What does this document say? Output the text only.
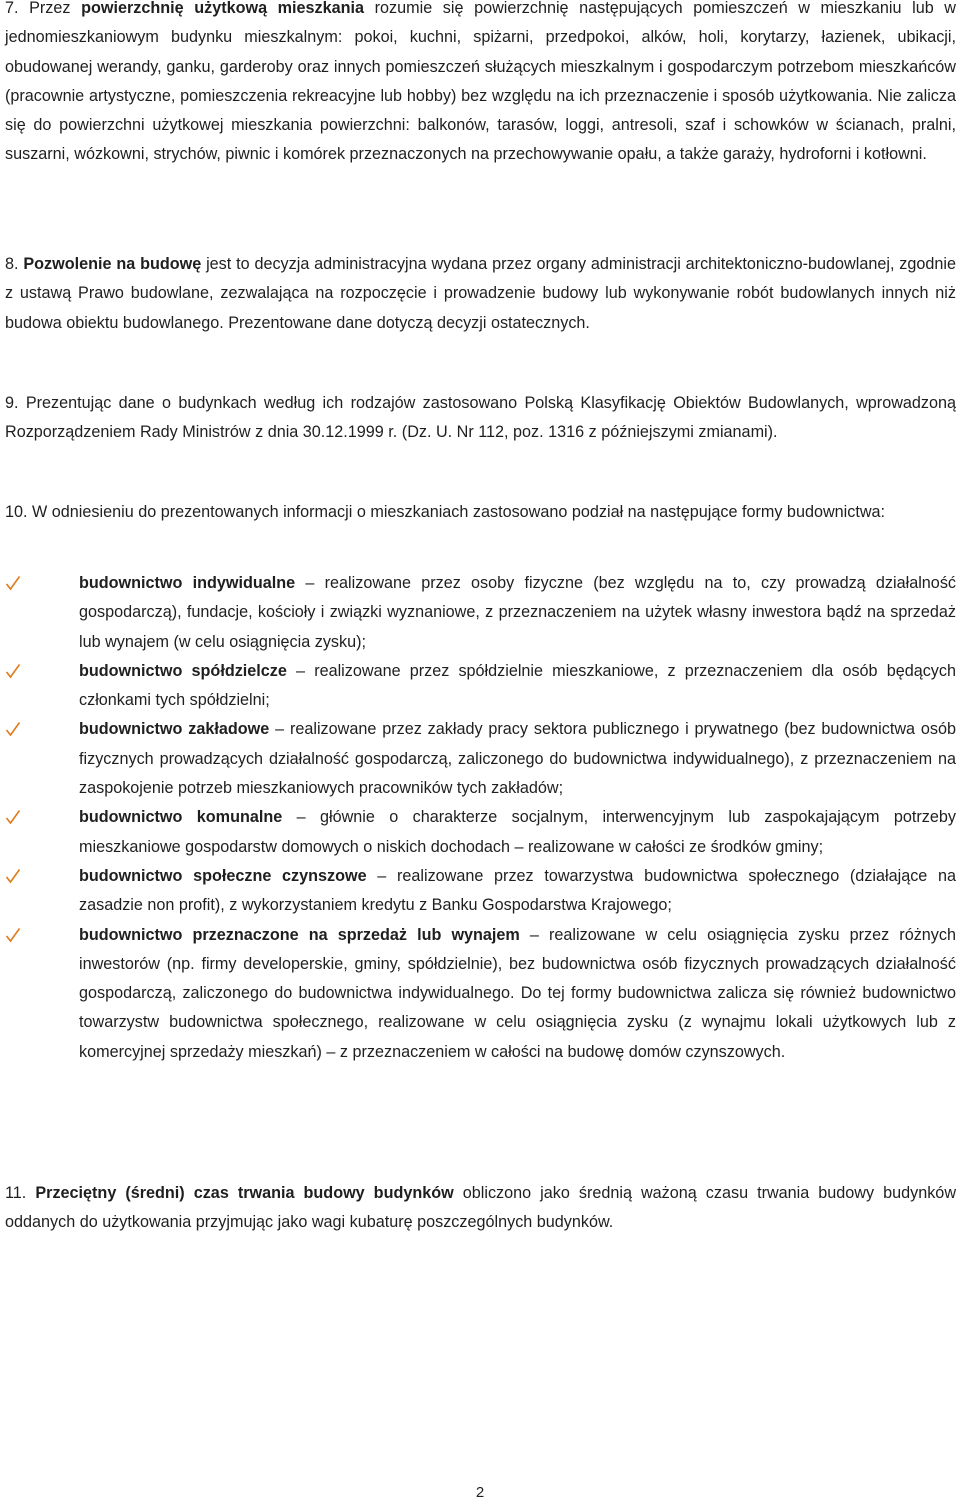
7. Przez powierzchnię użytkową mieszkania rozumie się powierzchnię następujących pomieszczeń w mieszkaniu lub w jednomieszkaniowym budynku mieszkalnym: pokoi, kuchni, spiżarni, przedpokoi, alków, holi, korytarzy, łazienek, ubikacji, obudowanej werandy, ganku, garderoby oraz innych pomieszczeń służących mieszkalnym i gospodarczym potrzebom mieszkańców (pracownie artystyczne, pomieszczenia rekreacyjne lub hobby) bez względu na ich przeznaczenie i sposób użytkowania. Nie zalicza się do powierzchni użytkowej mieszkania powierzchni: balkonów, tarasów, loggi, antresoli, szaf i schowków w ścianach, pralni, suszarni, wózkowni, strychów, piwnic i komórek przeznaczonych na przechowywanie opału, a także garaży, hydroforni i kotłowni.
8. Pozwolenie na budowę jest to decyzja administracyjna wydana przez organy administracji architektoniczno-budowlanej, zgodnie z ustawą Prawo budowlane, zezwalająca na rozpoczęcie i prowadzenie budowy lub wykonywanie robót budowlanych innych niż budowa obiektu budowlanego. Prezentowane dane dotyczą decyzji ostatecznych.
9. Prezentując dane o budynkach według ich rodzajów zastosowano Polską Klasyfikację Obiektów Budowlanych, wprowadzoną Rozporządzeniem Rady Ministrów z dnia 30.12.1999 r. (Dz. U. Nr 112, poz. 1316 z późniejszymi zmianami).
10. W odniesieniu do prezentowanych informacji o mieszkaniach zastosowano podział na następujące formy budownictwa:
budownictwo indywidualne – realizowane przez osoby fizyczne (bez względu na to, czy prowadzą działalność gospodarczą), fundacje, kościoły i związki wyznaniowe, z przeznaczeniem na użytek własny inwestora bądź na sprzedaż lub wynajem (w celu osiągnięcia zysku);
budownictwo spółdzielcze – realizowane przez spółdzielnie mieszkaniowe, z przeznaczeniem dla osób będących członkami tych spółdzielni;
budownictwo zakładowe – realizowane przez zakłady pracy sektora publicznego i prywatnego (bez budownictwa osób fizycznych prowadzących działalność gospodarczą, zaliczonego do budownictwa indywidualnego), z przeznaczeniem na zaspokojenie potrzeb mieszkaniowych pracowników tych zakładów;
budownictwo komunalne – głównie o charakterze socjalnym, interwencyjnym lub zaspokajającym potrzeby mieszkaniowe gospodarstw domowych o niskich dochodach – realizowane w całości ze środków gminy;
budownictwo społeczne czynszowe – realizowane przez towarzystwa budownictwa społecznego (działające na zasadzie non profit), z wykorzystaniem kredytu z Banku Gospodarstwa Krajowego;
budownictwo przeznaczone na sprzedaż lub wynajem – realizowane w celu osiągnięcia zysku przez różnych inwestorów (np. firmy developerskie, gminy, spółdzielnie), bez budownictwa osób fizycznych prowadzących działalność gospodarczą, zaliczonego do budownictwa indywidualnego. Do tej formy budownictwa zalicza się również budownictwo towarzystw budownictwa społecznego, realizowane w celu osiągnięcia zysku (z wynajmu lokali użytkowych lub z komercyjnej sprzedaży mieszkań) – z przeznaczeniem w całości na budowę domów czynszowych.
11. Przeciętny (średni) czas trwania budowy budynków obliczono jako średnią ważoną czasu trwania budowy budynków oddanych do użytkowania przyjmując jako wagi kubaturę poszczególnych budynków.
2
